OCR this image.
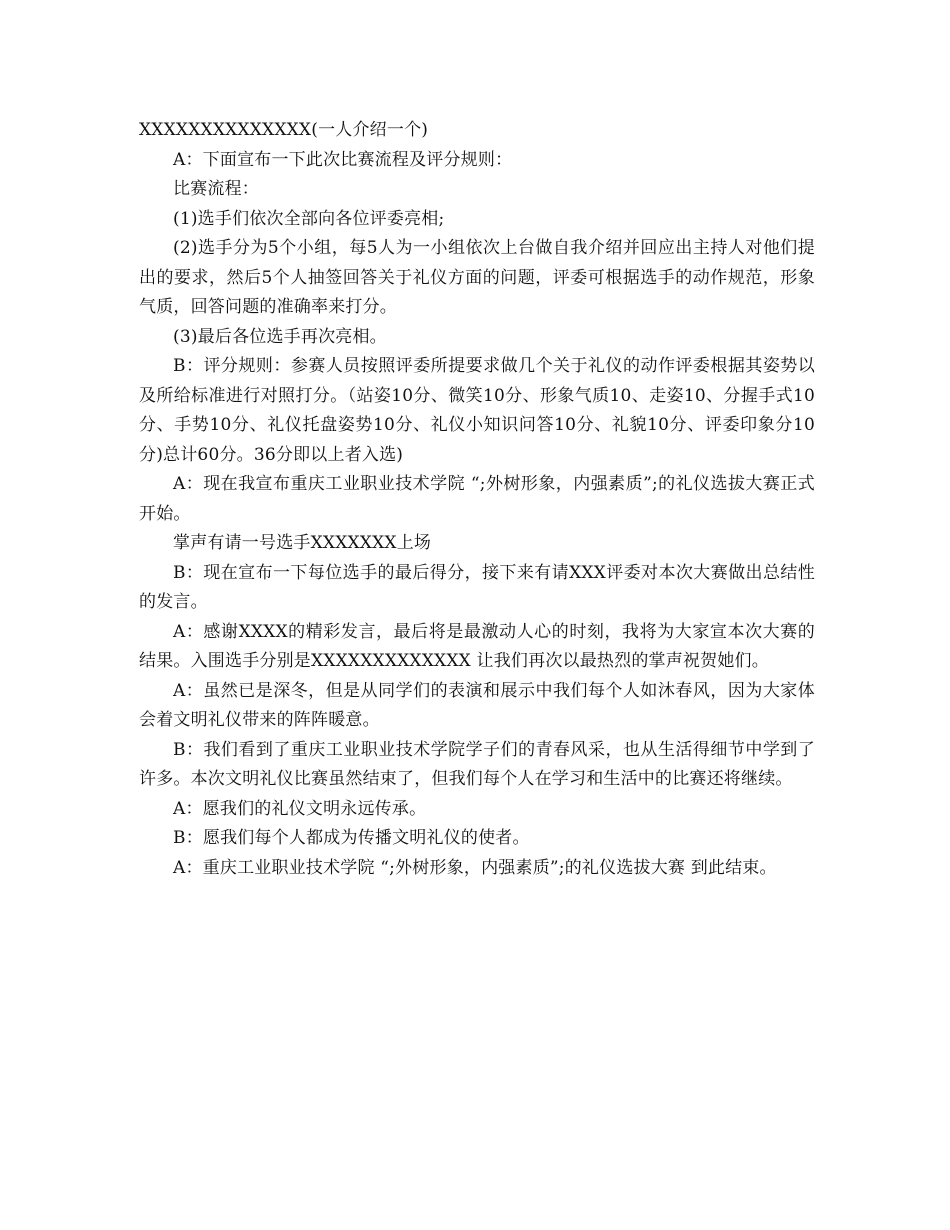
XXXXXXXXXXXXXX(一人介绍一个)

A：下面宣布一下此次比赛流程及评分规则：

比赛流程：

(1)选手们依次全部向各位评委亮相;

(2)选手分为5个小组，每5人为一小组依次上台做自我介绍并回应出主持人对他们提出的要求，然后5个人抽签回答关于礼仪方面的问题，评委可根据选手的动作规范，形象气质，回答问题的准确率来打分。

(3)最后各位选手再次亮相。

B：评分规则：参赛人员按照评委所提要求做几个关于礼仪的动作评委根据其姿势以及所给标准进行对照打分。（站姿10分、微笑10分、形象气质10、走姿10、分握手式10分、手势10分、礼仪托盘姿势10分、礼仪小知识问答10分、礼貌10分、评委印象分10分)总计60分。36分即以上者入选)

A：现在我宣布重庆工业职业技术学院 “;外树形象，内强素质”;的礼仪选拔大赛正式开始。

掌声有请一号选手XXXXXXX上场

B：现在宣布一下每位选手的最后得分，接下来有请XXX评委对本次大赛做出总结性的发言。

A：感谢XXXX的精彩发言，最后将是最激动人心的时刻，我将为大家宣本次大赛的结果。入围选手分别是XXXXXXXXXXXXX 让我们再次以最热烈的掌声祝贺她们。

A：虽然已是深冬，但是从同学们的表演和展示中我们每个人如沐春风，因为大家体会着文明礼仪带来的阵阵暖意。

B：我们看到了重庆工业职业技术学院学子们的青春风采，也从生活得细节中学到了许多。本次文明礼仪比赛虽然结束了，但我们每个人在学习和生活中的比赛还将继续。

A：愿我们的礼仪文明永远传承。

B：愿我们每个人都成为传播文明礼仪的使者。

A：重庆工业职业技术学院 “;外树形象，内强素质”;的礼仪选拔大赛 到此结束。
